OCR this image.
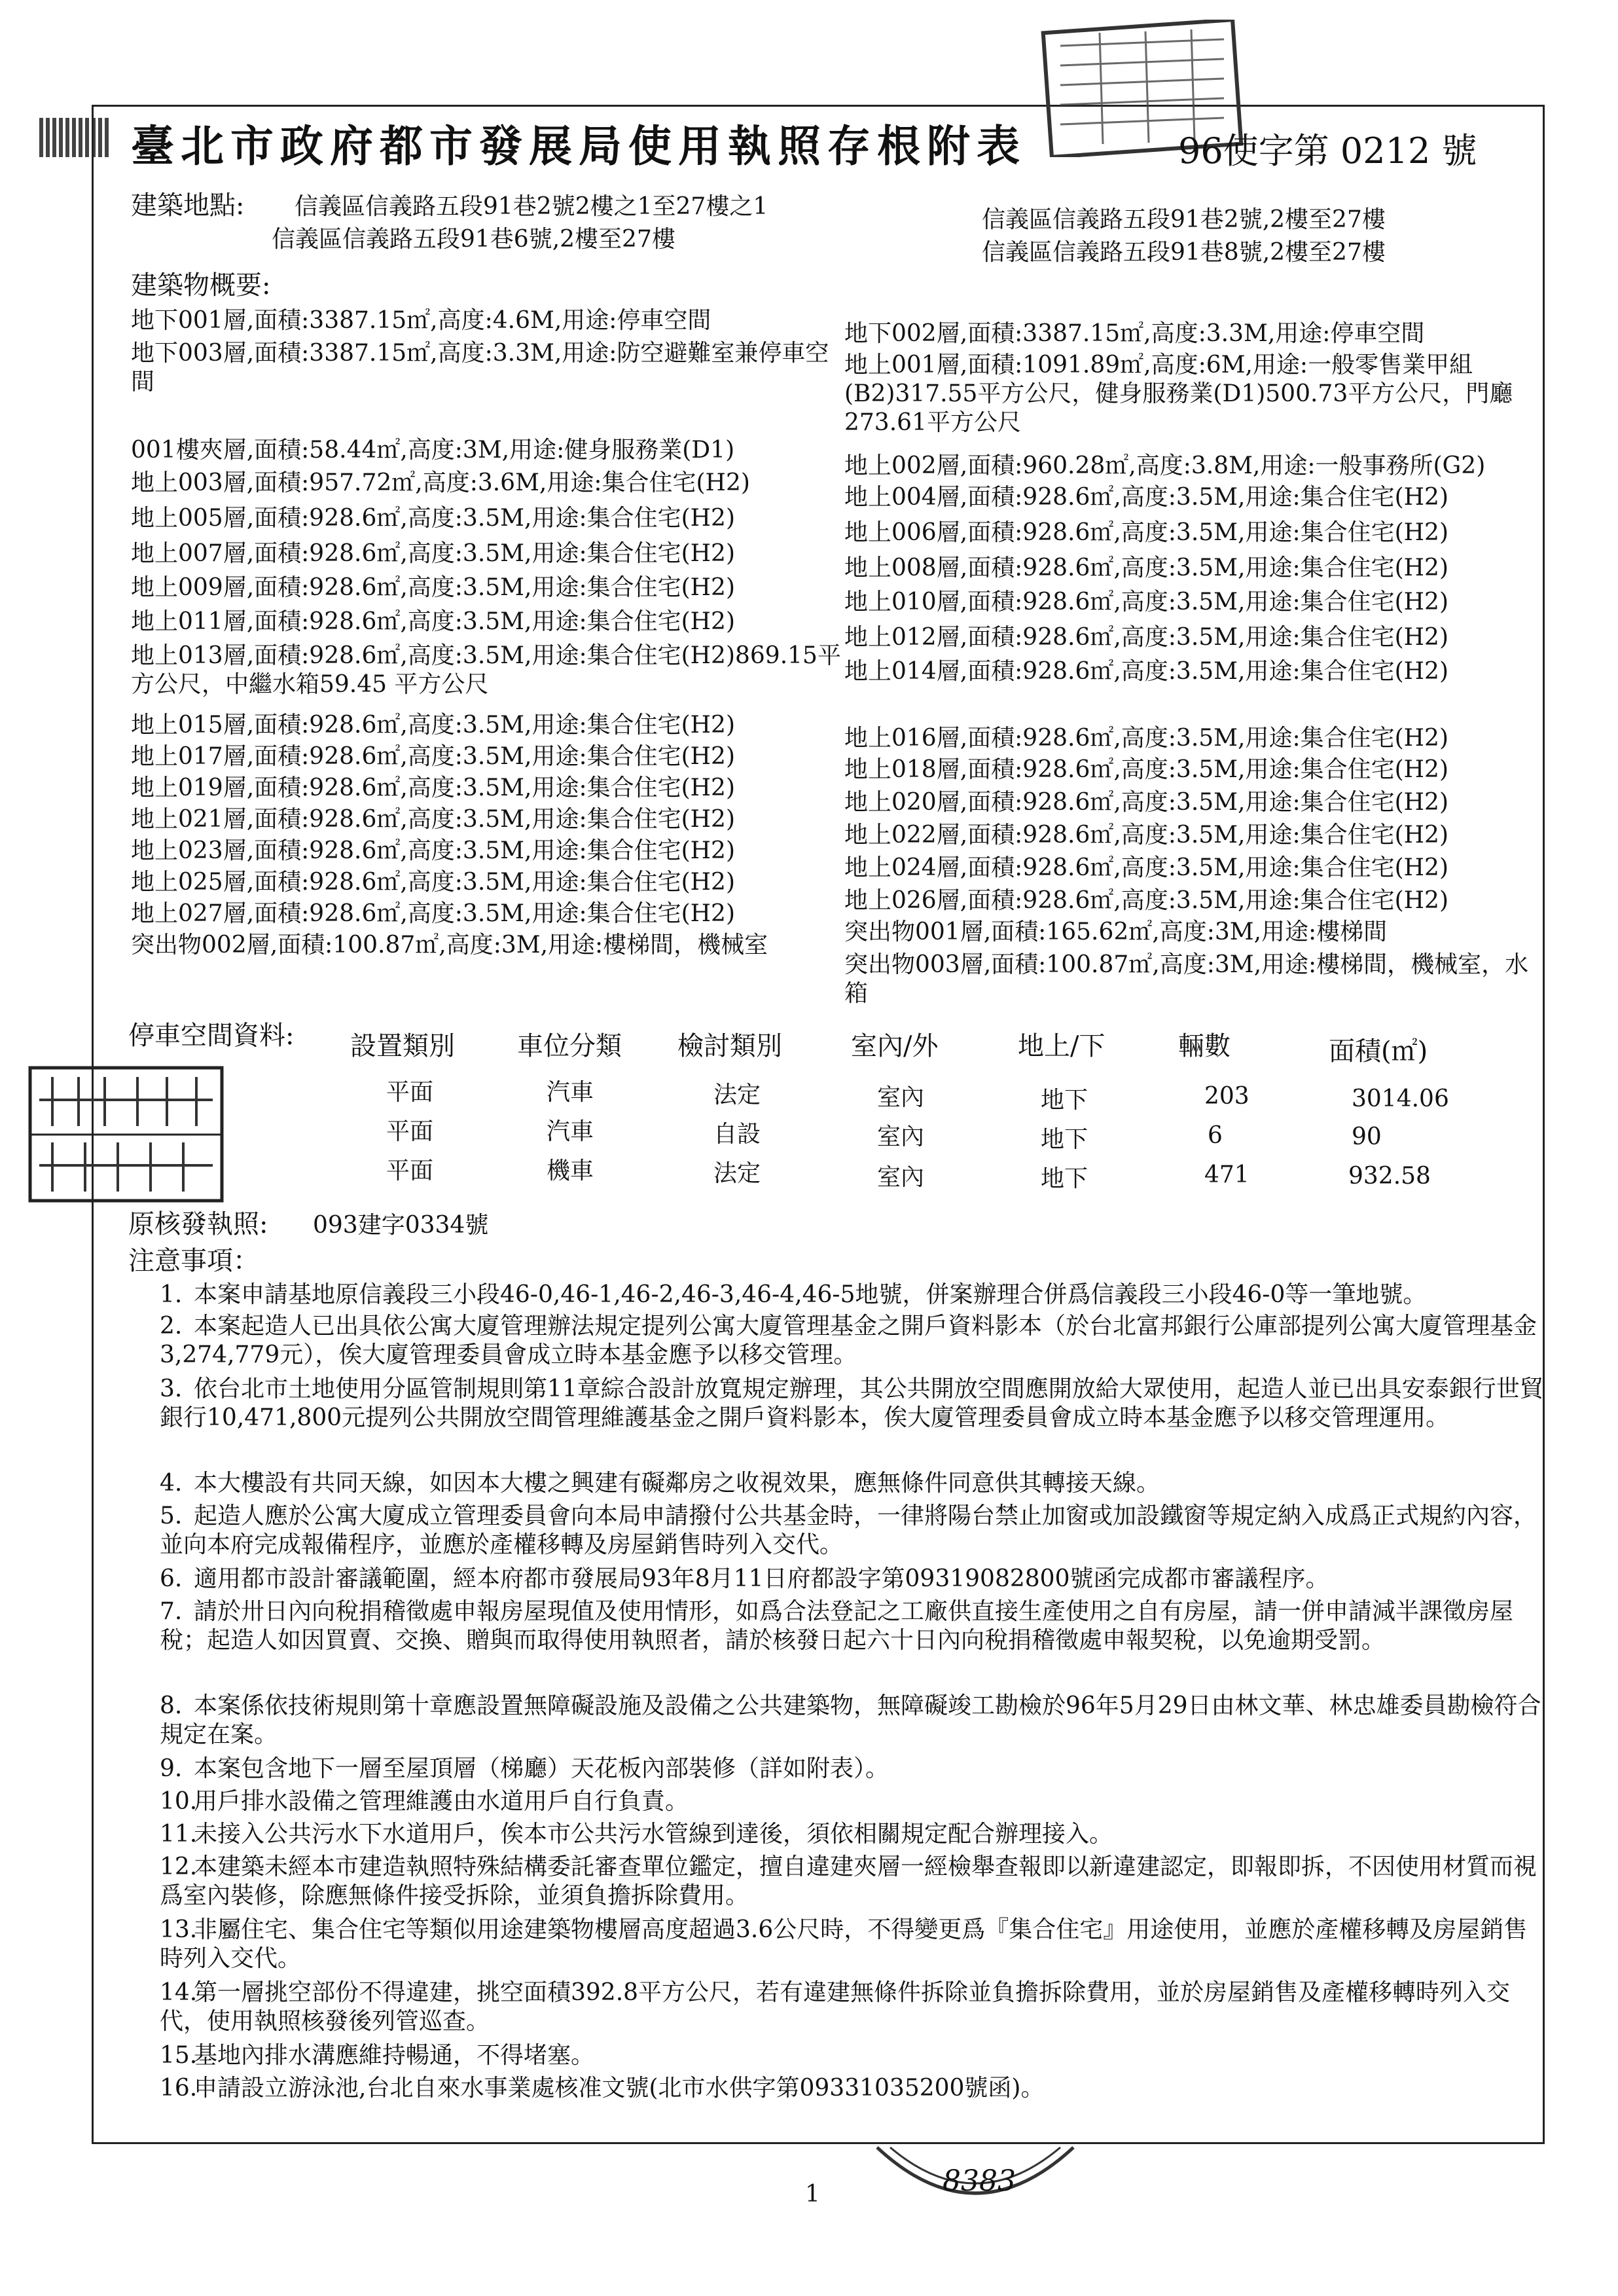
臺北市政府都市發展局使用執照存根附表	96使字第 0212 號
建築地點: 信義區信義路五段91巷2號2樓之1至27樓之1
信義區信義路五段91巷6號,2樓至27樓
信義區信義路五段91巷2號,2樓至27樓
信義區信義路五段91巷8號,2樓至27樓
建築物概要:
地下001層,面積:3387.15㎡,高度:4.6M,用途:停車空間
地下003層,面積:3387.15㎡,高度:3.3M,用途:防空避難室兼停車空間
001樓夾層,面積:58.44㎡,高度:3M,用途:健身服務業(D1)
地上003層,面積:957.72㎡,高度:3.6M,用途:集合住宅(H2)
地上005層,面積:928.6㎡,高度:3.5M,用途:集合住宅(H2)
地上007層,面積:928.6㎡,高度:3.5M,用途:集合住宅(H2)
地上009層,面積:928.6㎡,高度:3.5M,用途:集合住宅(H2)
地上011層,面積:928.6㎡,高度:3.5M,用途:集合住宅(H2)
地上013層,面積:928.6㎡,高度:3.5M,用途:集合住宅(H2)869.15平方公尺，中繼水箱59.45 平方公尺
地上015層,面積:928.6㎡,高度:3.5M,用途:集合住宅(H2)
地上017層,面積:928.6㎡,高度:3.5M,用途:集合住宅(H2)
地上019層,面積:928.6㎡,高度:3.5M,用途:集合住宅(H2)
地上021層,面積:928.6㎡,高度:3.5M,用途:集合住宅(H2)
地上023層,面積:928.6㎡,高度:3.5M,用途:集合住宅(H2)
地上025層,面積:928.6㎡,高度:3.5M,用途:集合住宅(H2)
地上027層,面積:928.6㎡,高度:3.5M,用途:集合住宅(H2)
突出物002層,面積:100.87㎡,高度:3M,用途:樓梯間，機械室
地下002層,面積:3387.15㎡,高度:3.3M,用途:停車空間
地上001層,面積:1091.89㎡,高度:6M,用途:一般零售業甲組(B2)317.55平方公尺，健身服務業(D1)500.73平方公尺，門廳273.61平方公尺
地上002層,面積:960.28㎡,高度:3.8M,用途:一般事務所(G2)
地上004層,面積:928.6㎡,高度:3.5M,用途:集合住宅(H2)
地上006層,面積:928.6㎡,高度:3.5M,用途:集合住宅(H2)
地上008層,面積:928.6㎡,高度:3.5M,用途:集合住宅(H2)
地上010層,面積:928.6㎡,高度:3.5M,用途:集合住宅(H2)
地上012層,面積:928.6㎡,高度:3.5M,用途:集合住宅(H2)
地上014層,面積:928.6㎡,高度:3.5M,用途:集合住宅(H2)
地上016層,面積:928.6㎡,高度:3.5M,用途:集合住宅(H2)
地上018層,面積:928.6㎡,高度:3.5M,用途:集合住宅(H2)
地上020層,面積:928.6㎡,高度:3.5M,用途:集合住宅(H2)
地上022層,面積:928.6㎡,高度:3.5M,用途:集合住宅(H2)
地上024層,面積:928.6㎡,高度:3.5M,用途:集合住宅(H2)
地上026層,面積:928.6㎡,高度:3.5M,用途:集合住宅(H2)
突出物001層,面積:165.62㎡,高度:3M,用途:樓梯間
突出物003層,面積:100.87㎡,高度:3M,用途:樓梯間，機械室，水箱
停車空間資料: 設置類別 車位分類 檢討類別	室內/外	地上/下	輛數	面積(㎡)
平面	汽車	法定	室內	地下	203	3014.06
平面	汽車	自設	室內	地下	6	90
平面	機車	法定	室內	地下	471	932.58
原核發執照: 093建字0334號
注意事項：
1. 本案申請基地原信義段三小段46-0,46-1,46-2,46-3,46-4,46-5地號，併案辦理合併爲信義段三小段46-0等一筆地號。
2. 本案起造人已出具依公寓大廈管理辦法規定提列公寓大廈管理基金之開戶資料影本（於台北富邦銀行公庫部提列公寓大廈管理基金3,274,779元），俟大廈管理委員會成立時本基金應予以移交管理。
3. 依台北市土地使用分區管制規則第11章綜合設計放寬規定辦理，其公共開放空間應開放給大眾使用，起造人並已出具安泰銀行世貿銀行10,471,800元提列公共開放空間管理維護基金之開戶資料影本，俟大廈管理委員會成立時本基金應予以移交管理運用。
4. 本大樓設有共同天線，如因本大樓之興建有礙鄰房之收視效果，應無條件同意供其轉接天線。
5. 起造人應於公寓大廈成立管理委員會向本局申請撥付公共基金時，一律將陽台禁止加窗或加設鐵窗等規定納入成爲正式規約內容，並向本府完成報備程序，並應於產權移轉及房屋銷售時列入交代。
6. 適用都市設計審議範圍，經本府都市發展局93年8月11日府都設字第09319082800號函完成都市審議程序。
7. 請於卅日內向稅捐稽徵處申報房屋現值及使用情形，如爲合法登記之工廠供直接生產使用之自有房屋，請一併申請減半課徵房屋稅；起造人如因買賣、交換、贈與而取得使用執照者，請於核發日起六十日內向稅捐稽徵處申報契稅，以免逾期受罰。
8. 本案係依技術規則第十章應設置無障礙設施及設備之公共建築物，無障礙竣工勘檢於96年5月29日由林文華、林忠雄委員勘檢符合規定在案。
9. 本案包含地下一層至屋頂層（梯廳）天花板內部裝修（詳如附表）。
10.用戶排水設備之管理維護由水道用戶自行負責。
11.未接入公共污水下水道用戶，俟本市公共污水管線到達後，須依相關規定配合辦理接入。
12.本建築未經本市建造執照特殊結構委託審查單位鑑定，擅自違建夾層一經檢舉查報即以新違建認定，即報即拆，不因使用材質而視爲室內裝修，除應無條件接受拆除，並須負擔拆除費用。
13.非屬住宅、集合住宅等類似用途建築物樓層高度超過3.6公尺時，不得變更爲『集合住宅』用途使用，並應於產權移轉及房屋銷售時列入交代。
14.第一層挑空部份不得違建，挑空面積392.8平方公尺，若有違建無條件拆除並負擔拆除費用，並於房屋銷售及產權移轉時列入交代，使用執照核發後列管巡查。
15.基地內排水溝應維持暢通，不得堵塞。
16.申請設立游泳池,台北自來水事業處核准文號(北市水供字第09331035200號函)。
1	8383
